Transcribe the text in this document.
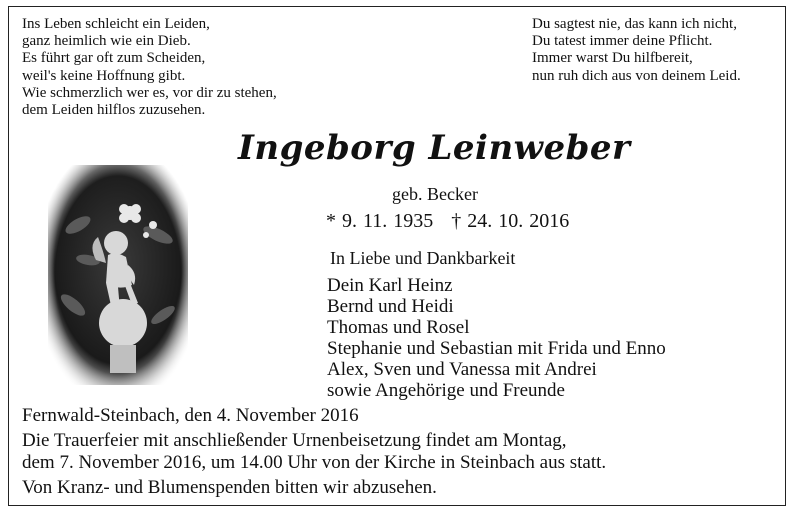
Ins Leben schleicht ein Leiden,
ganz heimlich wie ein Dieb.
Es führt gar oft zum Scheiden,
weil's keine Hoffnung gibt.
Wie schmerzlich wer es, vor dir zu stehen,
dem Leiden hilflos zuzusehen.
Du sagtest nie, das kann ich nicht,
Du tatest immer deine Pflicht.
Immer warst Du hilfbereit,
nun ruh dich aus von deinem Leid.
Ingeborg Leinweber
geb. Becker
* 9. 11. 1935 † 24. 10. 2016
In Liebe und Dankbarkeit
Dein Karl Heinz
Bernd und Heidi
Thomas und Rosel
Stephanie und Sebastian mit Frida und Enno
Alex, Sven und Vanessa mit Andrei
sowie Angehörige und Freunde
Fernwald-Steinbach, den 4. November 2016
Die Trauerfeier mit anschließender Urnenbeisetzung findet am Montag,
dem 7. November 2016, um 14.00 Uhr von der Kirche in Steinbach aus statt.
Von Kranz- und Blumenspenden bitten wir abzusehen.
